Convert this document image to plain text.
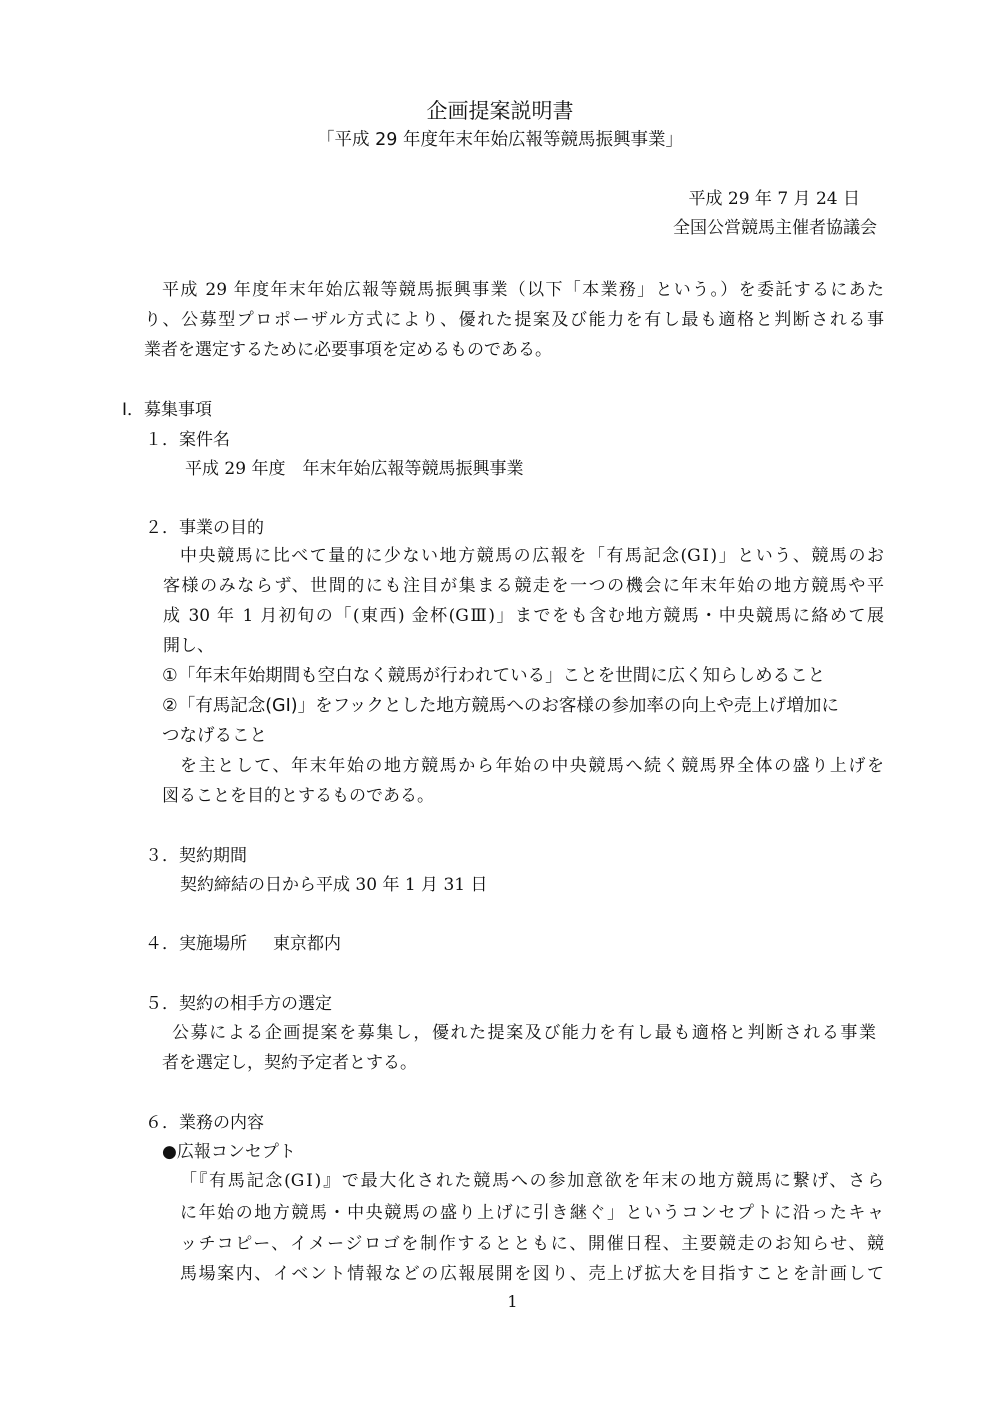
企画提案説明書
「平成 29 年度年末年始広報等競馬振興事業」
平成 29 年 7 月 24 日
全国公営競馬主催者協議会
平成 29 年度年末年始広報等競馬振興事業（以下「本業務」という。）を委託するにあた
り、公募型プロポーザル方式により、優れた提案及び能力を有し最も適格と判断される事
業者を選定するために必要事項を定めるものである。
Ⅰ．募集事項
１．案件名
平成 29 年度　年末年始広報等競馬振興事業
２．事業の目的
中央競馬に比べて量的に少ない地方競馬の広報を「有馬記念(GⅠ)」という、競馬のお
客様のみならず、世間的にも注目が集まる競走を一つの機会に年末年始の地方競馬や平
成 30 年 1 月初旬の「(東西) 金杯(GⅢ)」までをも含む地方競馬・中央競馬に絡めて展
開し、
①「年末年始期間も空白なく競馬が行われている」ことを世間に広く知らしめること
②「有馬記念(GⅠ)」をフックとした地方競馬へのお客様の参加率の向上や売上げ増加に
つなげること
を主として、年末年始の地方競馬から年始の中央競馬へ続く競馬界全体の盛り上げを
図ることを目的とするものである。
３．契約期間
契約締結の日から平成 30 年 1 月 31 日
４．実施場所 東京都内
５．契約の相手方の選定
公募による企画提案を募集し，優れた提案及び能力を有し最も適格と判断される事業
者を選定し，契約予定者とする。
６．業務の内容
●広報コンセプト
「『有馬記念(GⅠ)』で最大化された競馬への参加意欲を年末の地方競馬に繋げ、さら
に年始の地方競馬・中央競馬の盛り上げに引き継ぐ」というコンセプトに沿ったキャ
ッチコピー、イメージロゴを制作するとともに、開催日程、主要競走のお知らせ、競
馬場案内、イベント情報などの広報展開を図り、売上げ拡大を目指すことを計画して
1
